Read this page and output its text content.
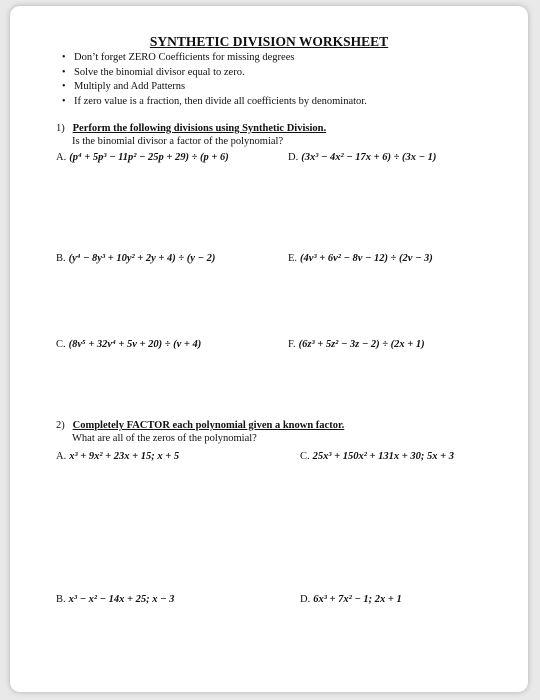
SYNTHETIC DIVISION WORKSHEET
• Don’t forget ZERO Coefficients for missing degrees
• Solve the binomial divisor equal to zero.
• Multiply and Add Patterns
• If zero value is a fraction, then divide all coefficients by denominator.
1) Perform the following divisions using Synthetic Division.
Is the binomial divisor a factor of the polynomial?
A. (p⁴ + 5p³ − 11p² − 25p + 29) ÷ (p + 6)	D. (3x³ − 4x² − 17x + 6) ÷ (3x − 1)
B. (y⁴ − 8y³ + 10y² + 2y + 4) ÷ (y − 2)	E. (4v³ + 6v² − 8v − 12) ÷ (2v − 3)
C. (8v⁵ + 32v⁴ + 5v + 20) ÷ (v + 4)	F. (6z³ + 5z² − 3z − 2) ÷ (2x + 1)
2) Completely FACTOR each polynomial given a known factor.
What are all of the zeros of the polynomial?
A. x³ + 9x² + 23x + 15; x + 5	C. 25x³ + 150x² + 131x + 30; 5x + 3
B. x³ − x² − 14x + 25; x − 3	D. 6x³ + 7x² − 1; 2x + 1
